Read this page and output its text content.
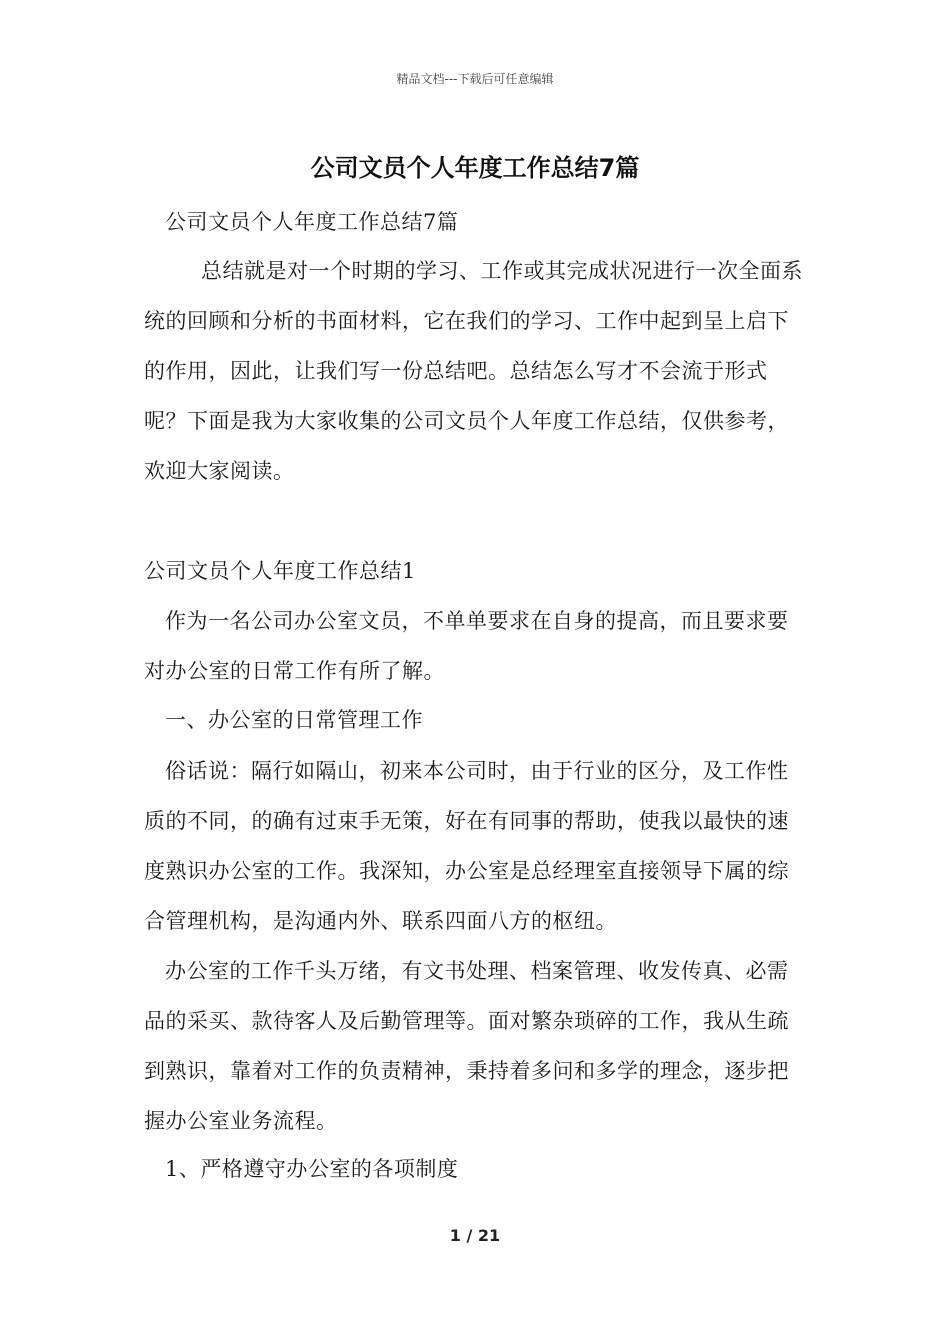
精品文档---下载后可任意编辑
公司文员个人年度工作总结7篇

公司文员个人年度工作总结7篇

总结就是对一个时期的学习、工作或其完成状况进行一次全面系统的回顾和分析的书面材料，它在我们的学习、工作中起到呈上启下的作用，因此，让我们写一份总结吧。总结怎么写才不会流于形式呢？下面是我为大家收集的公司文员个人年度工作总结，仅供参考，欢迎大家阅读。

公司文员个人年度工作总结1

作为一名公司办公室文员，不单单要求在自身的提高，而且要求要对办公室的日常工作有所了解。

一、办公室的日常管理工作

俗话说：隔行如隔山，初来本公司时，由于行业的区分，及工作性质的不同，的确有过束手无策，好在有同事的帮助，使我以最快的速度熟识办公室的工作。我深知，办公室是总经理室直接领导下属的综合管理机构，是沟通内外、联系四面八方的枢纽。

办公室的工作千头万绪，有文书处理、档案管理、收发传真、必需品的采买、款待客人及后勤管理等。面对繁杂琐碎的工作，我从生疏到熟识，靠着对工作的负责精神，秉持着多问和多学的理念，逐步把握办公室业务流程。

1、严格遵守办公室的各项制度

1 / 21
